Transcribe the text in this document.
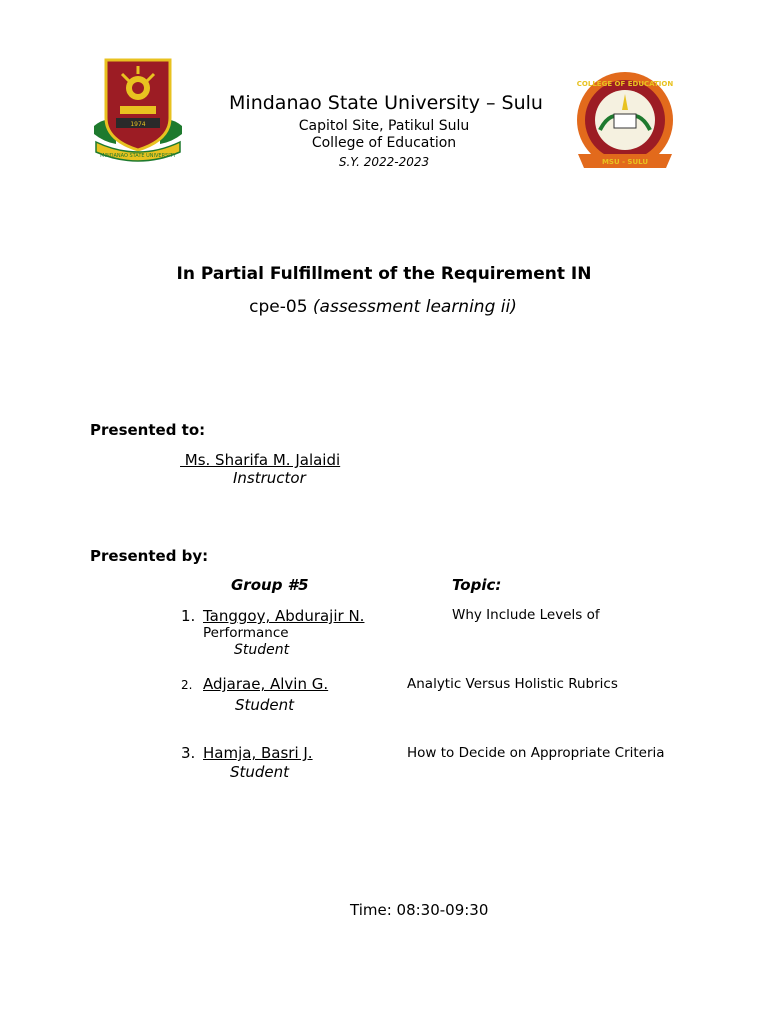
1974
MINDANAO STATE UNIVERSITY
COLLEGE OF EDUCATION
MSU - SULU
Mindanao State University – Sulu
Capitol Site, Patikul Sulu
College of Education
S.Y. 2022-2023
In Partial Fulfillment of the Requirement IN
cpe-05 (assessment learning ii)
Presented to:
Ms. Sharifa M. Jalaidi
Instructor
Presented by:
Group #5	Topic:
1. Tanggoy, Abdurajir N.	Why Include Levels of
Performance
Student
2. Adjarae, Alvin G.	Analytic Versus Holistic Rubrics
Student
3. Hamja, Basri J.	How to Decide on Appropriate Criteria
Student
Time: 08:30-09:30
